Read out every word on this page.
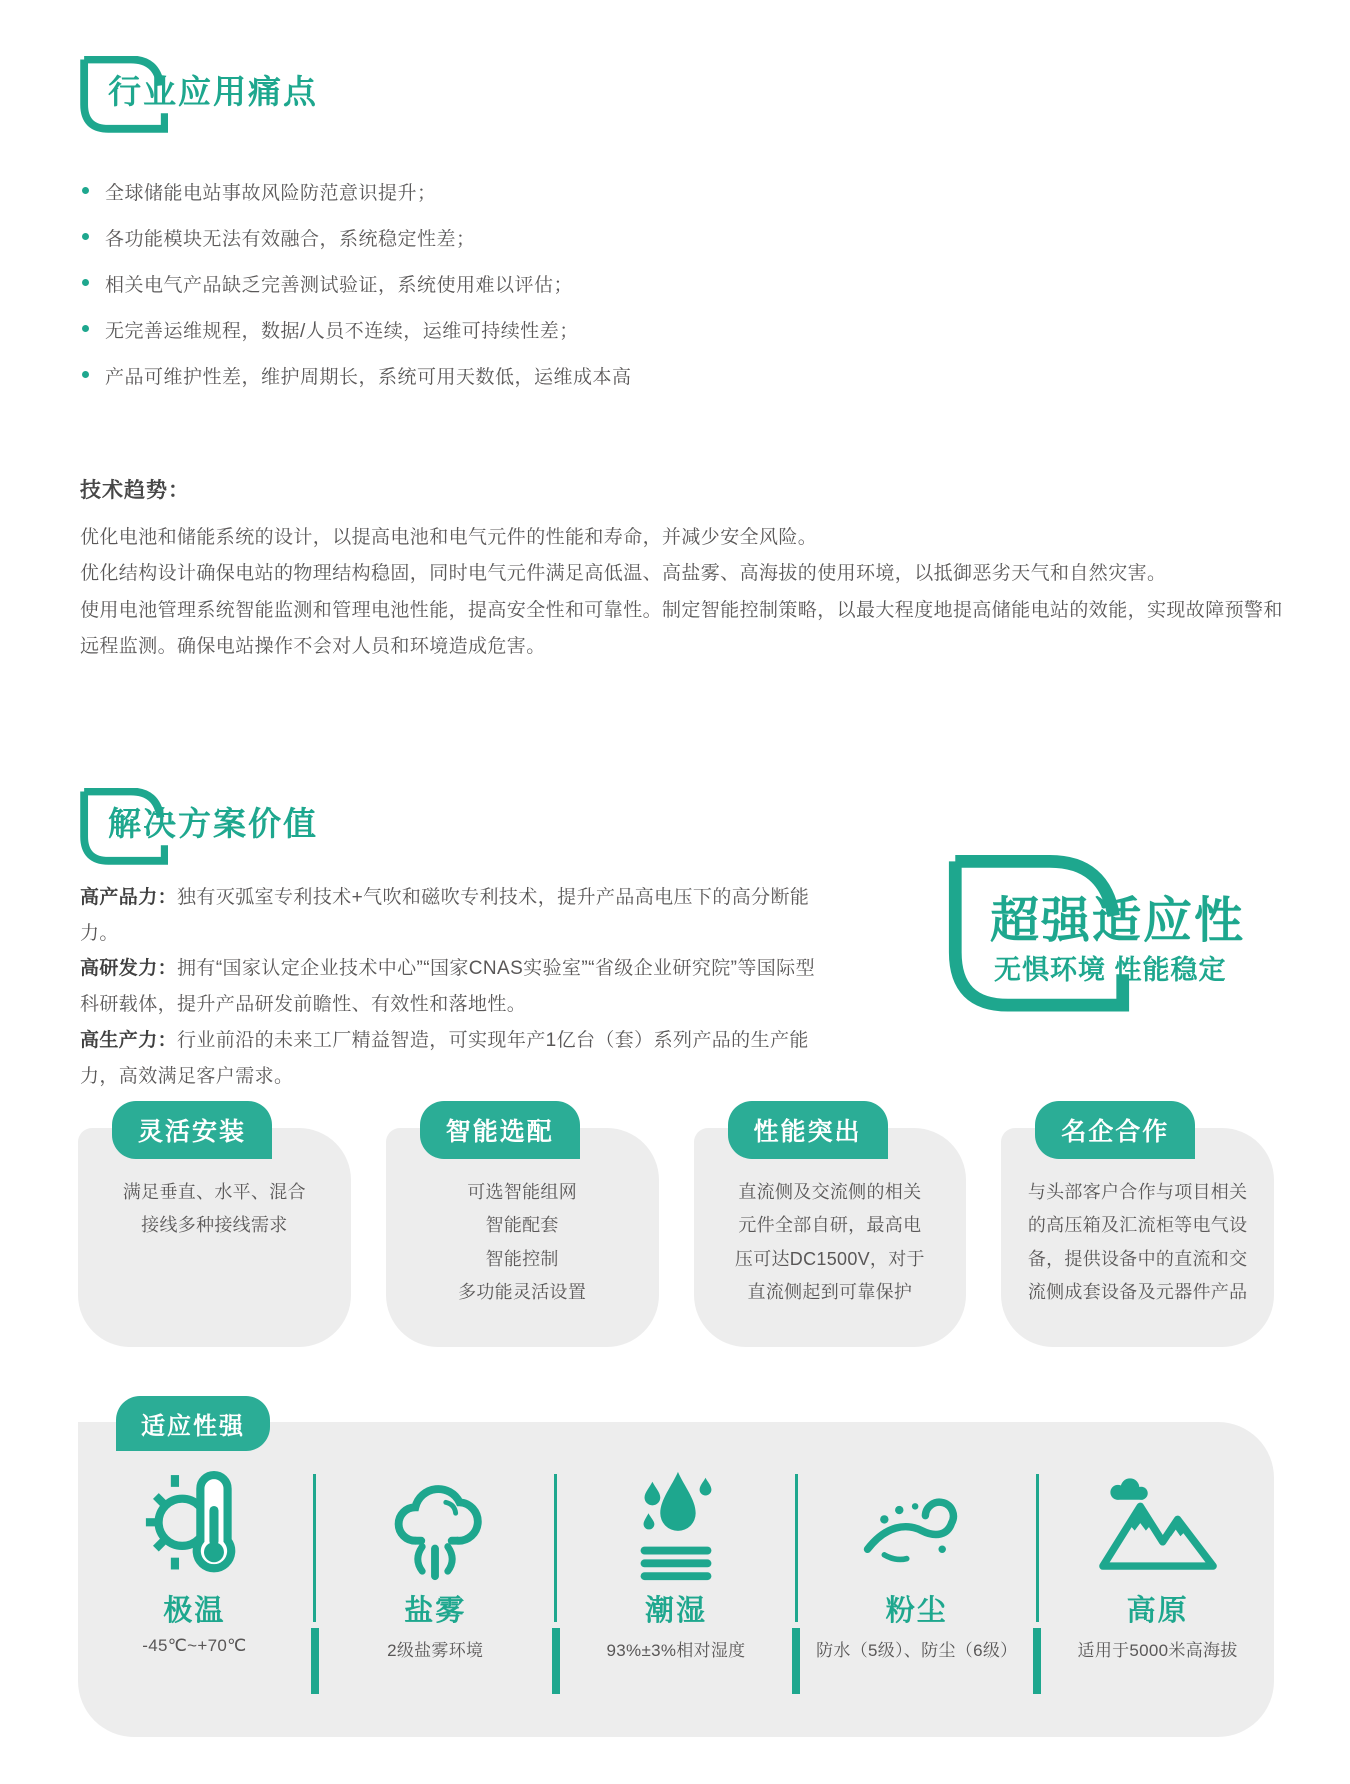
行业应用痛点
全球储能电站事故风险防范意识提升；
各功能模块无法有效融合，系统稳定性差；
相关电气产品缺乏完善测试验证，系统使用难以评估；
无完善运维规程，数据/人员不连续，运维可持续性差；
产品可维护性差，维护周期长，系统可用天数低，运维成本高
技术趋势：

优化电池和储能系统的设计，以提高电池和电气元件的性能和寿命，并减少安全风险。

优化结构设计确保电站的物理结构稳固，同时电气元件满足高低温、高盐雾、高海拔的使用环境，以抵御恶劣天气和自然灾害。

使用电池管理系统智能监测和管理电池性能，提高安全性和可靠性。制定智能控制策略，以最大程度地提高储能电站的效能，实现故障预警和远程监测。确保电站操作不会对人员和环境造成危害。

解决方案价值

高产品力：独有灭弧室专利技术+气吹和磁吹专利技术，提升产品高电压下的高分断能力。

高研发力：拥有“国家认定企业技术中心”“国家CNAS实验室”“省级企业研究院”等国际型科研载体，提升产品研发前瞻性、有效性和落地性。

高生产力：行业前沿的未来工厂精益智造，可实现年产1亿台（套）系列产品的生产能力，高效满足客户需求。

超强适应性

无惧环境 性能稳定

灵活安装
满足垂直、水平、混合
接线多种接线需求
智能选配
可选智能组网
智能配套
智能控制
多功能灵活设置
性能突出
直流侧及交流侧的相关
元件全部自研，最高电
压可达DC1500V，对于
直流侧起到可靠保护
名企合作
与头部客户合作与项目相关
的高压箱及汇流柜等电气设
备，提供设备中的直流和交
流侧成套设备及元器件产品
适应性强
极温
-45℃~+70℃
盐雾
2级盐雾环境
潮湿
93%±3%相对湿度
粉尘
防水（5级）、防尘（6级）
高原
适用于5000米高海拔
